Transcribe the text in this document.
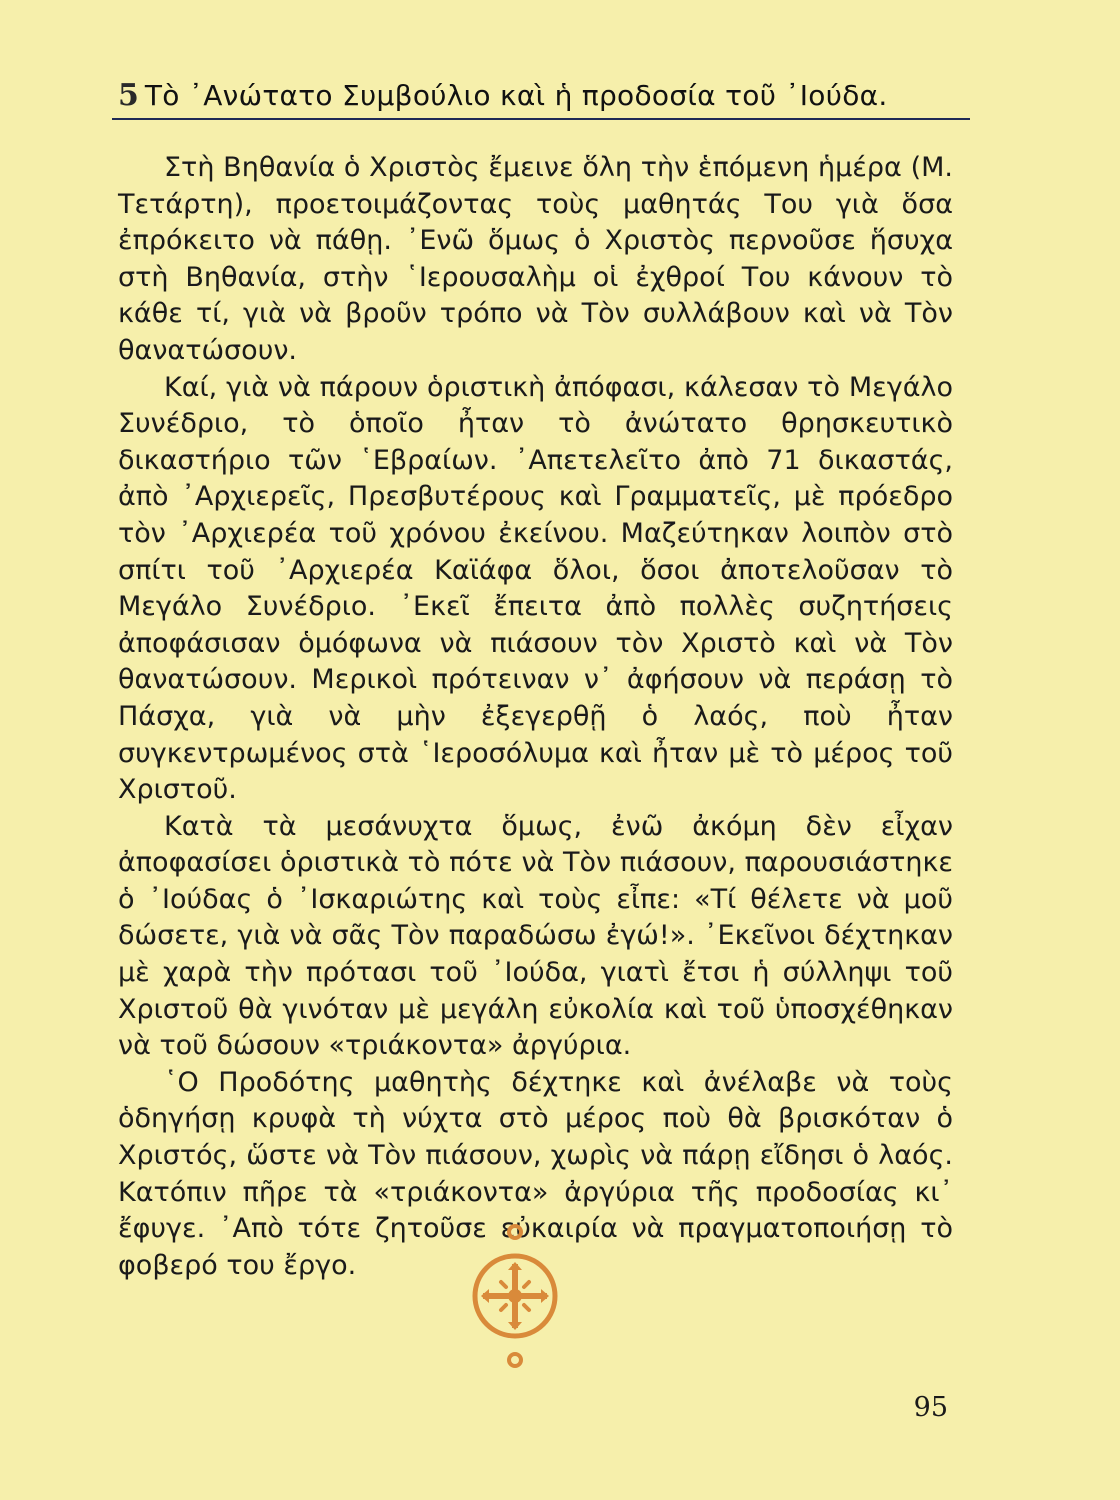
5 Τὸ ᾿Ανώτατο Συμβούλιο καὶ ἡ προδοσία τοῦ ᾿Ιούδα.

Στὴ Βηθανία ὁ Χριστὸς ἔμεινε ὅλη τὴν ἑπόμενη ἡμέρα (Μ. Τετάρτη), προετοιμάζοντας τοὺς μαθητάς Του γιὰ ὅσα ἐπρόκειτο νὰ πάθῃ. ᾿Ενῶ ὅμως ὁ Χριστὸς περνοῦσε ἥσυχα στὴ Βηθανία, στὴν ῾Ιερουσαλὴμ οἱ ἐχθροί Του κάνουν τὸ κάθε τί, γιὰ νὰ βροῦν τρόπο νὰ Τὸν συλλάβουν καὶ νὰ Τὸν θανατώσουν.

Καί, γιὰ νὰ πάρουν ὁριστικὴ ἀπόφασι, κάλεσαν τὸ Μεγάλο Συνέδριο, τὸ ὁποῖο ἦταν τὸ ἀνώτατο θρησκευτικὸ δικαστήριο τῶν ῾Εβραίων. ᾿Απετελεῖτο ἀπὸ 71 δικαστάς, ἀπὸ ᾿Αρχιερεῖς, Πρεσβυτέρους καὶ Γραμματεῖς, μὲ πρόεδρο τὸν ᾿Αρχιερέα τοῦ χρόνου ἐκείνου. Μαζεύτηκαν λοιπὸν στὸ σπίτι τοῦ ᾿Αρχιερέα Καϊάφα ὅλοι, ὅσοι ἀποτελοῦσαν τὸ Μεγάλο Συνέδριο. ᾿Εκεῖ ἔπειτα ἀπὸ πολλὲς συζητήσεις ἀποφάσισαν ὁμόφωνα νὰ πιάσουν τὸν Χριστὸ καὶ νὰ Τὸν θανατώσουν. Μερικοὶ πρότειναν ν᾿ ἀφήσουν νὰ περάσῃ τὸ Πάσχα, γιὰ νὰ μὴν ἐξεγερθῇ ὁ λαός, ποὺ ἦταν συγκεντρωμένος στὰ ῾Ιεροσόλυμα καὶ ἦταν μὲ τὸ μέρος τοῦ Χριστοῦ.

Κατὰ τὰ μεσάνυχτα ὅμως, ἐνῶ ἀκόμη δὲν εἶχαν ἀποφασίσει ὁριστικὰ τὸ πότε νὰ Τὸν πιάσουν, παρουσιάστηκε ὁ ᾿Ιούδας ὁ ᾿Ισκαριώτης καὶ τοὺς εἶπε: «Τί θέλετε νὰ μοῦ δώσετε, γιὰ νὰ σᾶς Τὸν παραδώσω ἐγώ!». ᾿Εκεῖνοι δέχτηκαν μὲ χαρὰ τὴν πρότασι τοῦ ᾿Ιούδα, γιατὶ ἔτσι ἡ σύλληψι τοῦ Χριστοῦ θὰ γινόταν μὲ μεγάλη εὐκολία καὶ τοῦ ὑποσχέθηκαν νὰ τοῦ δώσουν «τριάκοντα» ἀργύρια.

῾Ο Προδότης μαθητὴς δέχτηκε καὶ ἀνέλαβε νὰ τοὺς ὁδηγήσῃ κρυφὰ τὴ νύχτα στὸ μέρος ποὺ θὰ βρισκόταν ὁ Χριστός, ὥστε νὰ Τὸν πιάσουν, χωρὶς νὰ πάρῃ εἴδησι ὁ λαός. Κατόπιν πῆρε τὰ «τριάκοντα» ἀργύρια τῆς προδοσίας κι᾿ ἔφυγε. ᾿Απὸ τότε ζητοῦσε εὐκαιρία νὰ πραγματοποιήσῃ τὸ φοβερό του ἔργο.

95
